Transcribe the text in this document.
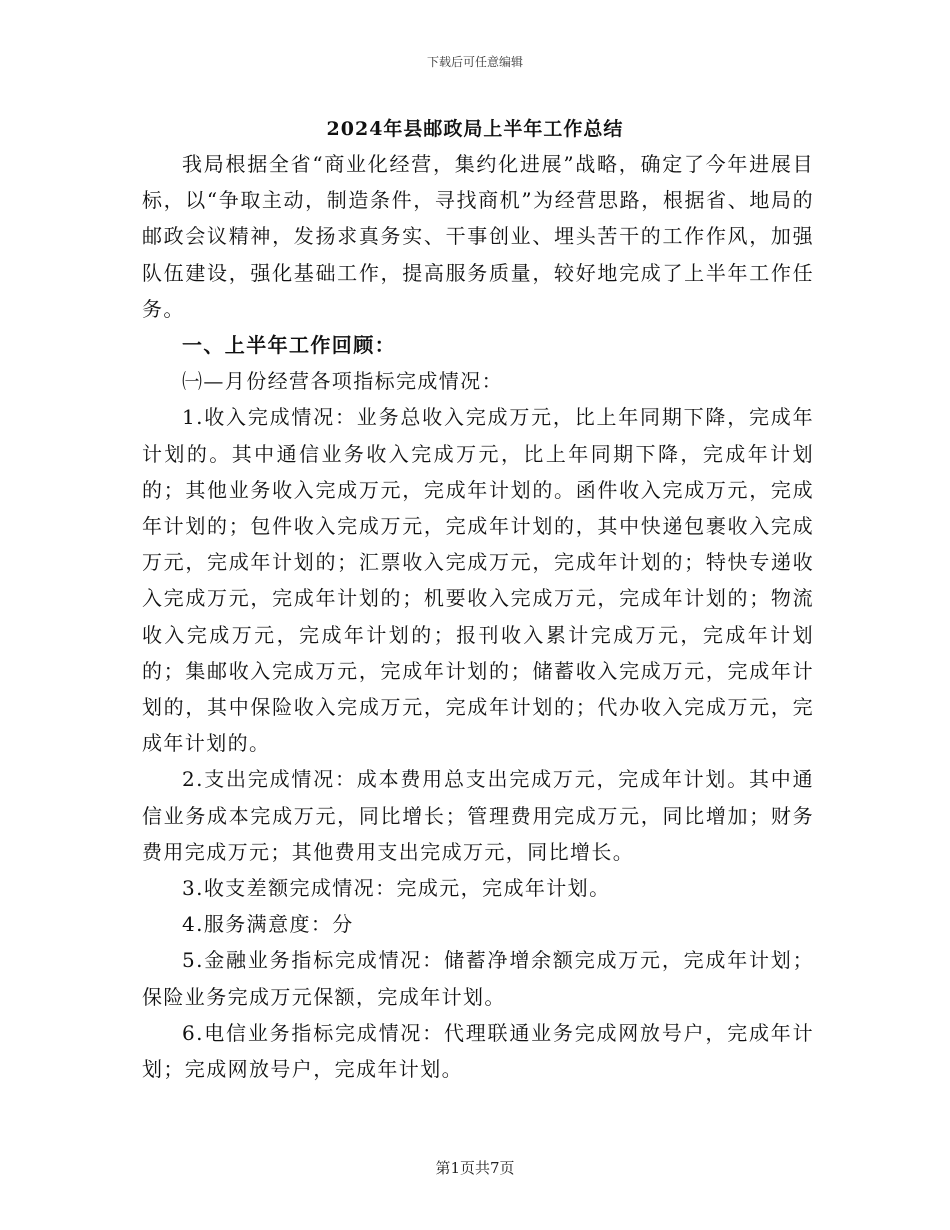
下载后可任意编辑
2024年县邮政局上半年工作总结

我局根据全省“商业化经营，集约化进展”战略，确定了今年进展目标，以“争取主动，制造条件，寻找商机”为经营思路，根据省、地局的邮政会议精神，发扬求真务实、干事创业、埋头苦干的工作作风，加强队伍建设，强化基础工作，提高服务质量，较好地完成了上半年工作任务。

一、上半年工作回顾：

㈠—月份经营各项指标完成情况：

1.收入完成情况：业务总收入完成万元，比上年同期下降，完成年计划的。其中通信业务收入完成万元，比上年同期下降，完成年计划的；其他业务收入完成万元，完成年计划的。函件收入完成万元，完成年计划的；包件收入完成万元，完成年计划的，其中快递包裹收入完成万元，完成年计划的；汇票收入完成万元，完成年计划的；特快专递收入完成万元，完成年计划的；机要收入完成万元，完成年计划的；物流收入完成万元，完成年计划的；报刊收入累计完成万元，完成年计划的；集邮收入完成万元，完成年计划的；储蓄收入完成万元，完成年计划的，其中保险收入完成万元，完成年计划的；代办收入完成万元，完成年计划的。

2.支出完成情况：成本费用总支出完成万元，完成年计划。其中通信业务成本完成万元，同比增长；管理费用完成万元，同比增加；财务费用完成万元；其他费用支出完成万元，同比增长。

3.收支差额完成情况：完成元，完成年计划。

4.服务满意度：分

5.金融业务指标完成情况：储蓄净增余额完成万元，完成年计划；保险业务完成万元保额，完成年计划。

6.电信业务指标完成情况：代理联通业务完成网放号户，完成年计划；完成网放号户，完成年计划。

第1页共7页
